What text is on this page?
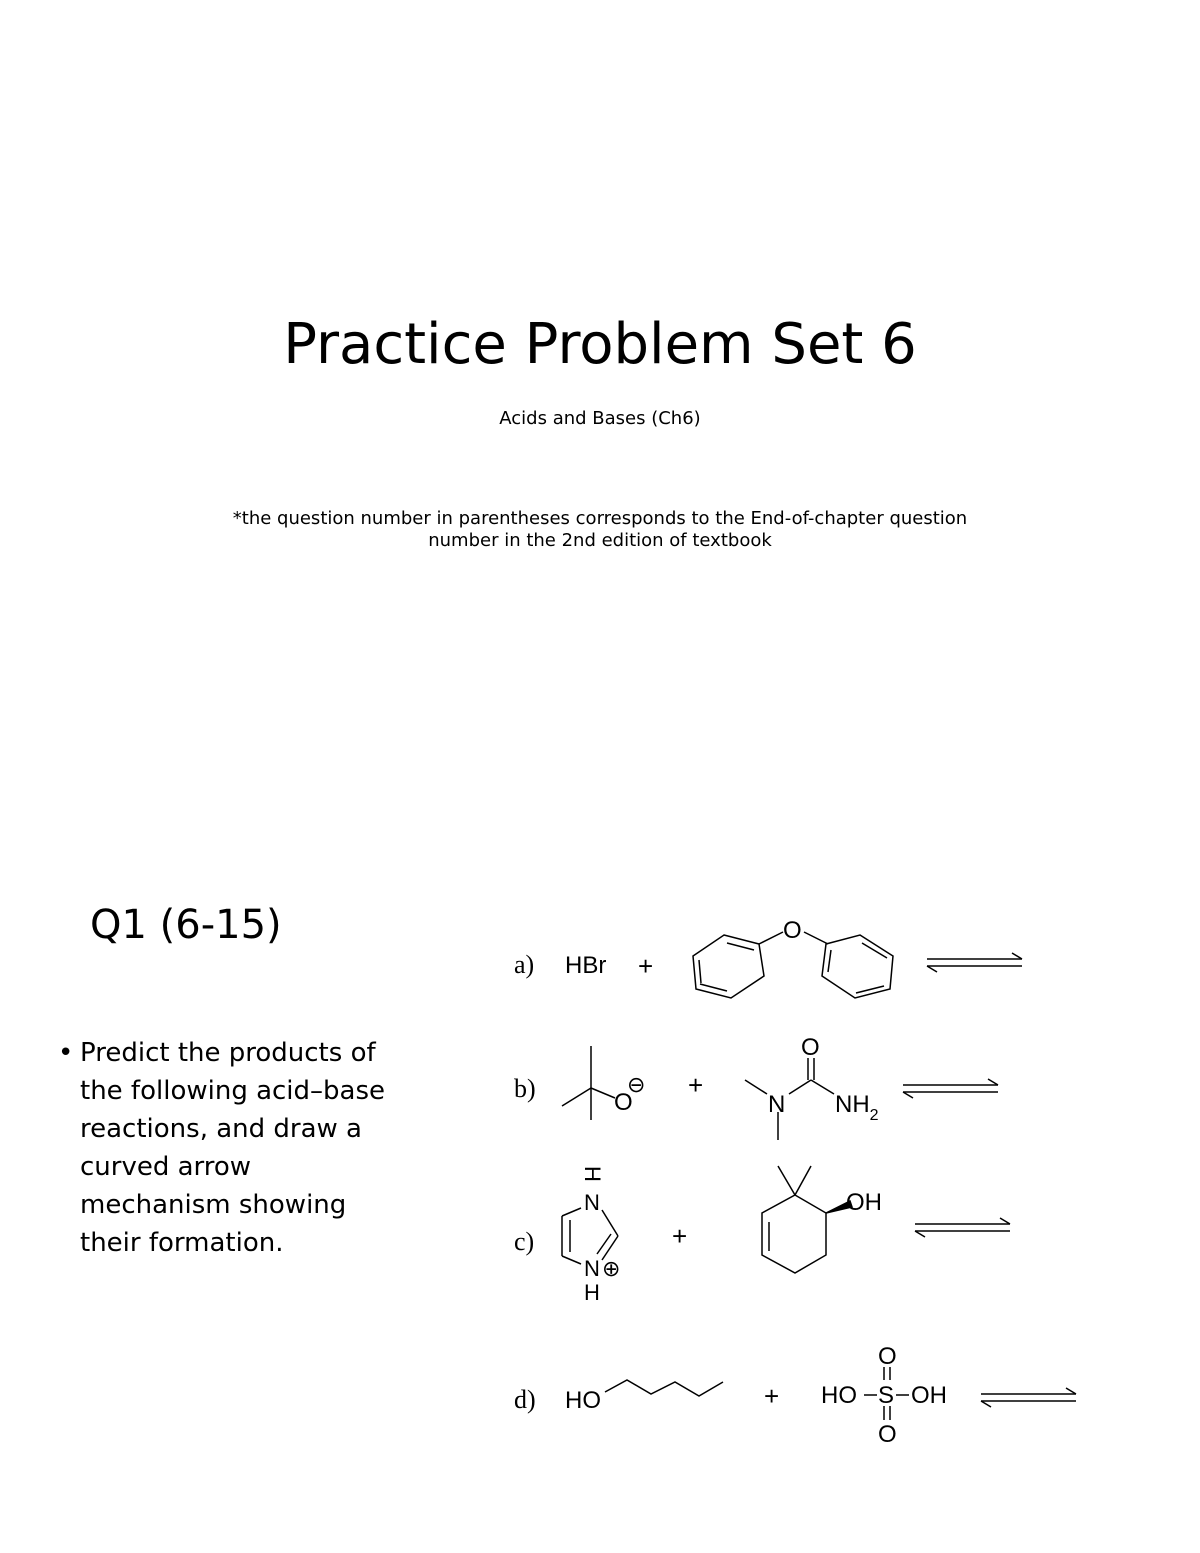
Practice Problem Set 6
Acids and Bases (Ch6)
*the question number in parentheses corresponds to the End-of-chapter question
number in the 2nd edition of textbook
Q1 (6-15)
• Predict the products of the following acid–base reactions, and draw a curved arrow mechanism showing their formation.
a) HBr +
O
b)	O
⊖ +
O
N $NH_2$
c)
H
N
N ⊕
H
+
OH
d) HO	+ HO S OH
O
O
